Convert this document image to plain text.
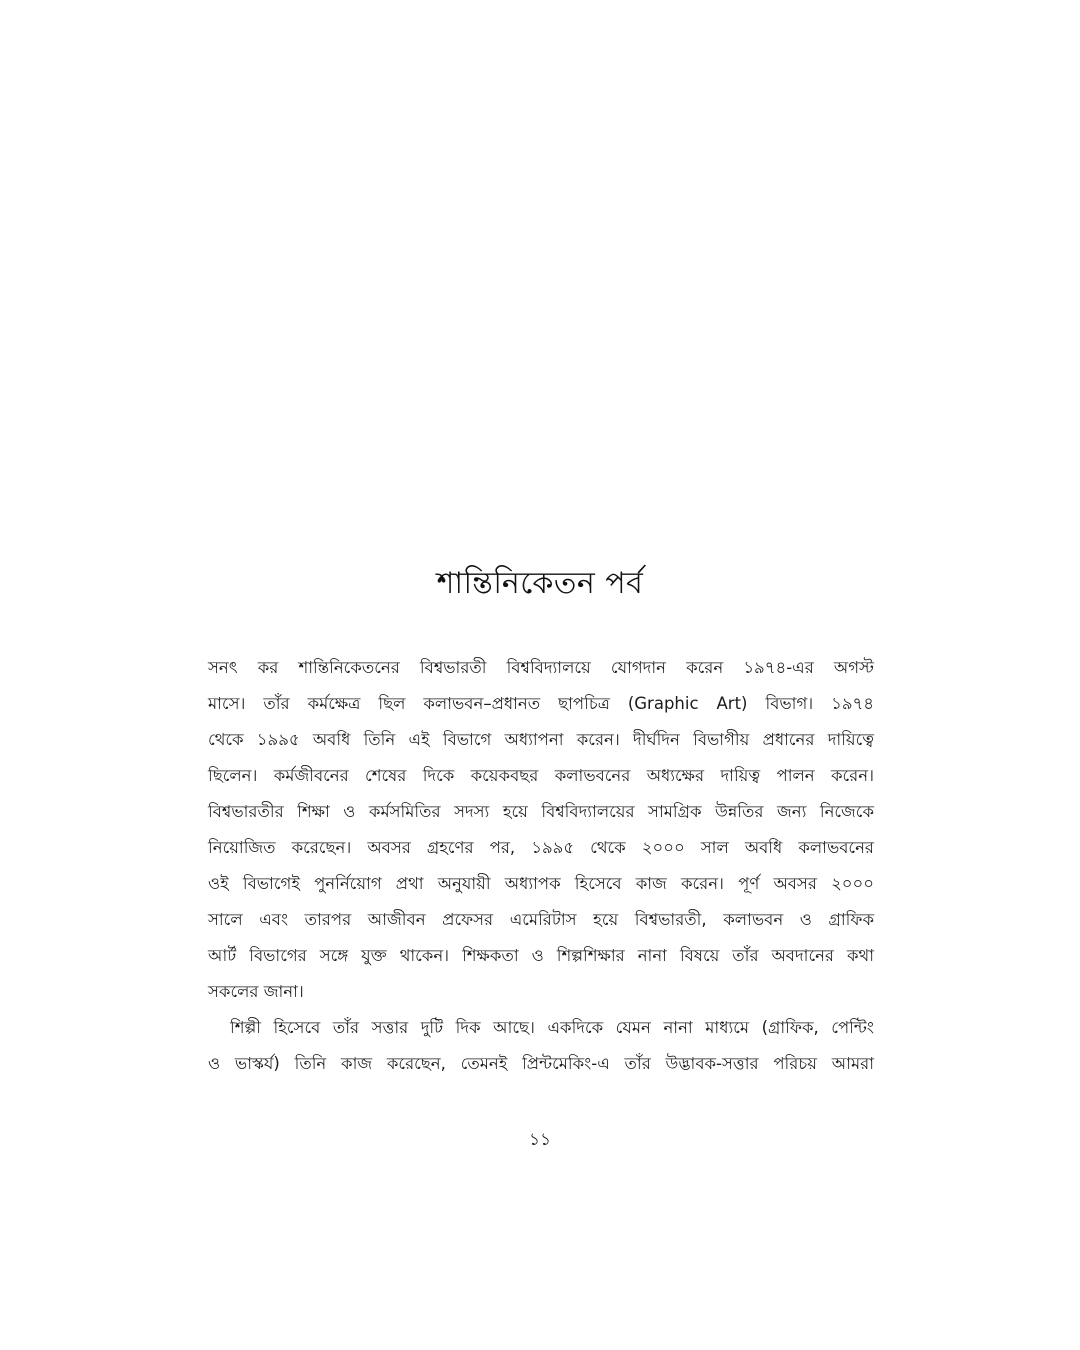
শান্তিনিকেতন পর্ব
সনৎ কর শান্তিনিকেতনের বিশ্বভারতী বিশ্ববিদ্যালয়ে যোগদান করেন ১৯৭৪-এর অগস্ট
মাসে। তাঁর কর্মক্ষেত্র ছিল কলাভবন–প্রধানত ছাপচিত্র (Graphic Art) বিভাগ। ১৯৭৪
থেকে ১৯৯৫ অবধি তিনি এই বিভাগে অধ্যাপনা করেন। দীর্ঘদিন বিভাগীয় প্রধানের দায়িত্বে
ছিলেন। কর্মজীবনের শেষের দিকে কয়েকবছর কলাভবনের অধ্যক্ষের দায়িত্ব পালন করেন।
বিশ্বভারতীর শিক্ষা ও কর্মসমিতির সদস্য হয়ে বিশ্ববিদ্যালয়ের সামগ্রিক উন্নতির জন্য নিজেকে
নিয়োজিত করেছেন। অবসর গ্রহণের পর, ১৯৯৫ থেকে ২০০০ সাল অবধি কলাভবনের
ওই বিভাগেই পুনর্নিয়োগ প্রথা অনুযায়ী অধ্যাপক হিসেবে কাজ করেন। পূর্ণ অবসর ২০০০
সালে এবং তারপর আজীবন প্রফেসর এমেরিটাস হয়ে বিশ্বভারতী, কলাভবন ও গ্রাফিক
আর্ট বিভাগের সঙ্গে যুক্ত থাকেন। শিক্ষকতা ও শিল্পশিক্ষার নানা বিষয়ে তাঁর অবদানের কথা
সকলের জানা।
শিল্পী হিসেবে তাঁর সত্তার দুটি দিক আছে। একদিকে যেমন নানা মাধ্যমে (গ্রাফিক, পেন্টিং
ও ভাস্কর্য) তিনি কাজ করেছেন, তেমনই প্রিন্টমেকিং-এ তাঁর উদ্ভাবক-সত্তার পরিচয় আমরা
১১
